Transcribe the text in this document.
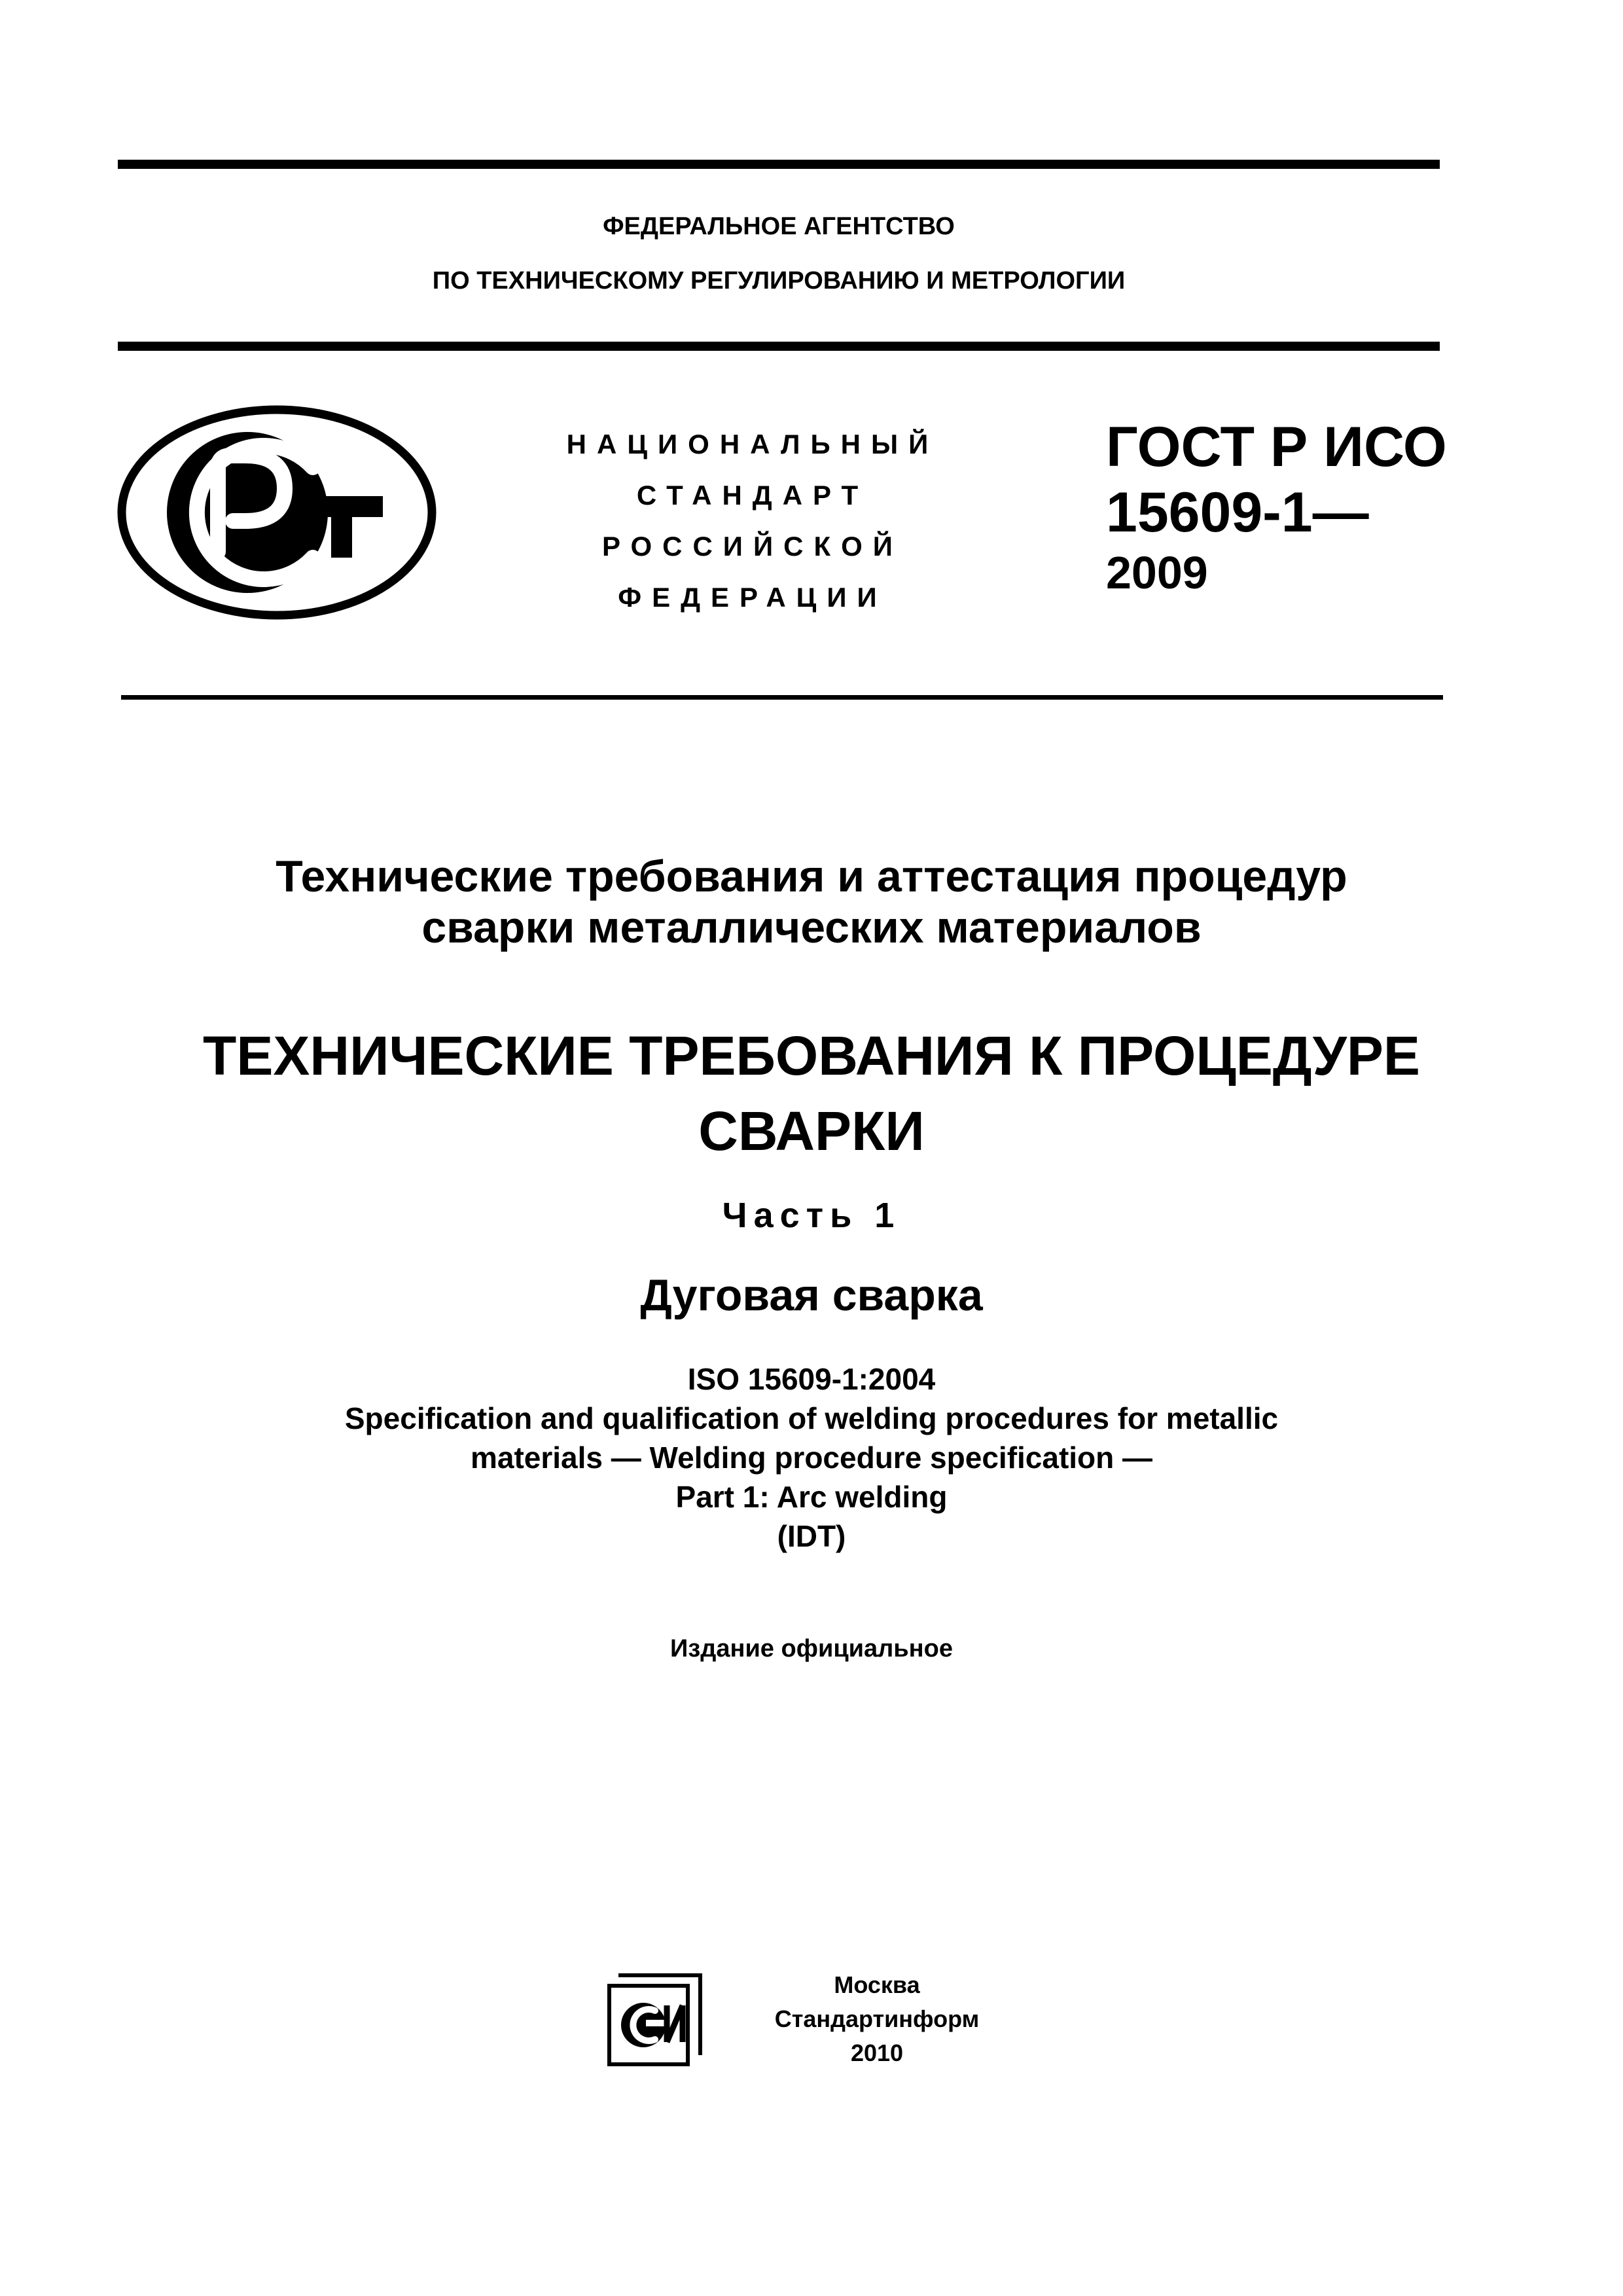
ФЕДЕРАЛЬНОЕ АГЕНТСТВО
ПО ТЕХНИЧЕСКОМУ РЕГУЛИРОВАНИЮ И МЕТРОЛОГИИ
НАЦИОНАЛЬНЫЙ
СТАНДАРТ
РОССИЙСКОЙ
ФЕДЕРАЦИИ
ГОСТ Р ИСО
15609-1—
2009
Технические требования и аттестация процедур
сварки металлических материалов
ТЕХНИЧЕСКИЕ ТРЕБОВАНИЯ К ПРОЦЕДУРЕ
СВАРКИ
Часть 1
Дуговая сварка
ISO 15609-1:2004
Specification and qualification of welding procedures for metallic
materials — Welding procedure specification —
Part 1: Arc welding
(IDT)
Издание официальное
Москва
Стандартинформ
2010
